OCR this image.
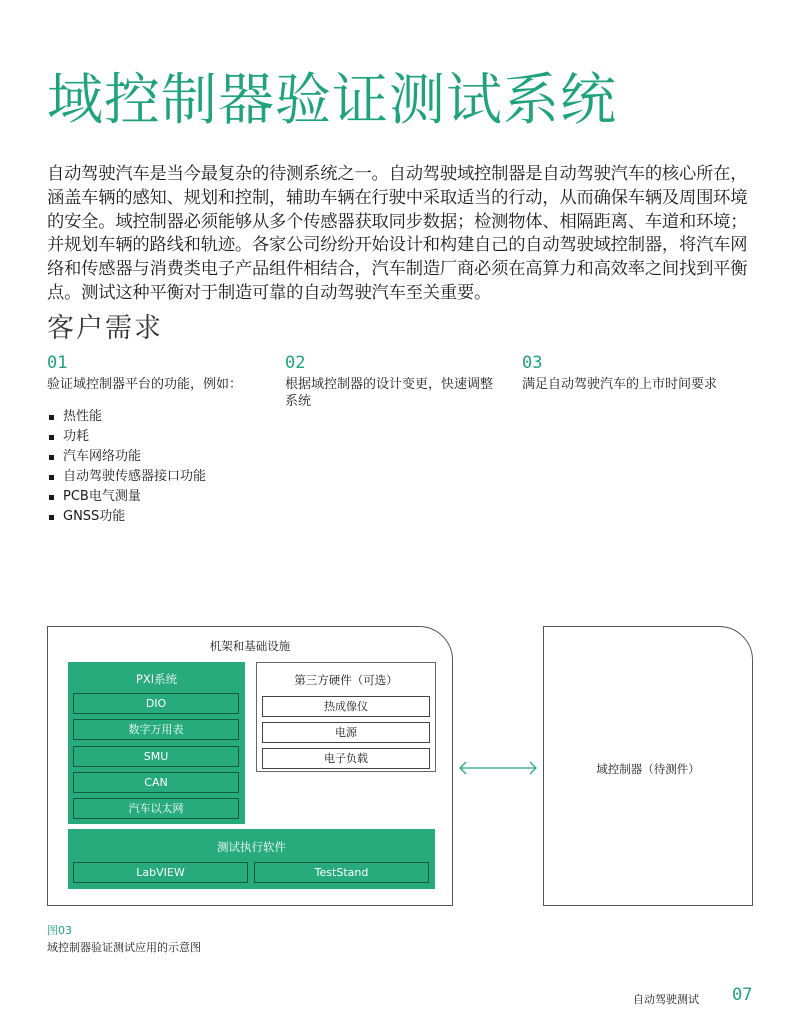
域控制器验证测试系统

自动驾驶汽车是当今最复杂的待测系统之一。自动驾驶域控制器是自动驾驶汽车的核心所在，涵盖车辆的感知、规划和控制，辅助车辆在行驶中采取适当的行动，从而确保车辆及周围环境的安全。域控制器必须能够从多个传感器获取同步数据；检测物体、相隔距离、车道和环境；并规划车辆的路线和轨迹。各家公司纷纷开始设计和构建自己的自动驾驶域控制器，将汽车网络和传感器与消费类电子产品组件相结合，汽车制造厂商必须在高算力和高效率之间找到平衡点。测试这种平衡对于制造可靠的自动驾驶汽车至关重要。

客户需求
01
验证域控制器平台的功能，例如：
热性能
功耗
汽车网络功能
自动驾驶传感器接口功能
PCB电气测量
GNSS功能
02
根据域控制器的设计变更，快速调整系统
03
满足自动驾驶汽车的上市时间要求
机架和基础设施
PXI系统
DIO
数字万用表
SMU
CAN
汽车以太网
第三方硬件（可选）
热成像仪
电源
电子负载
测试执行软件
LabVIEW	TestStand
域控制器（待测件）
图03
域控制器验证测试应用的示意图
自动驾驶测试 07
